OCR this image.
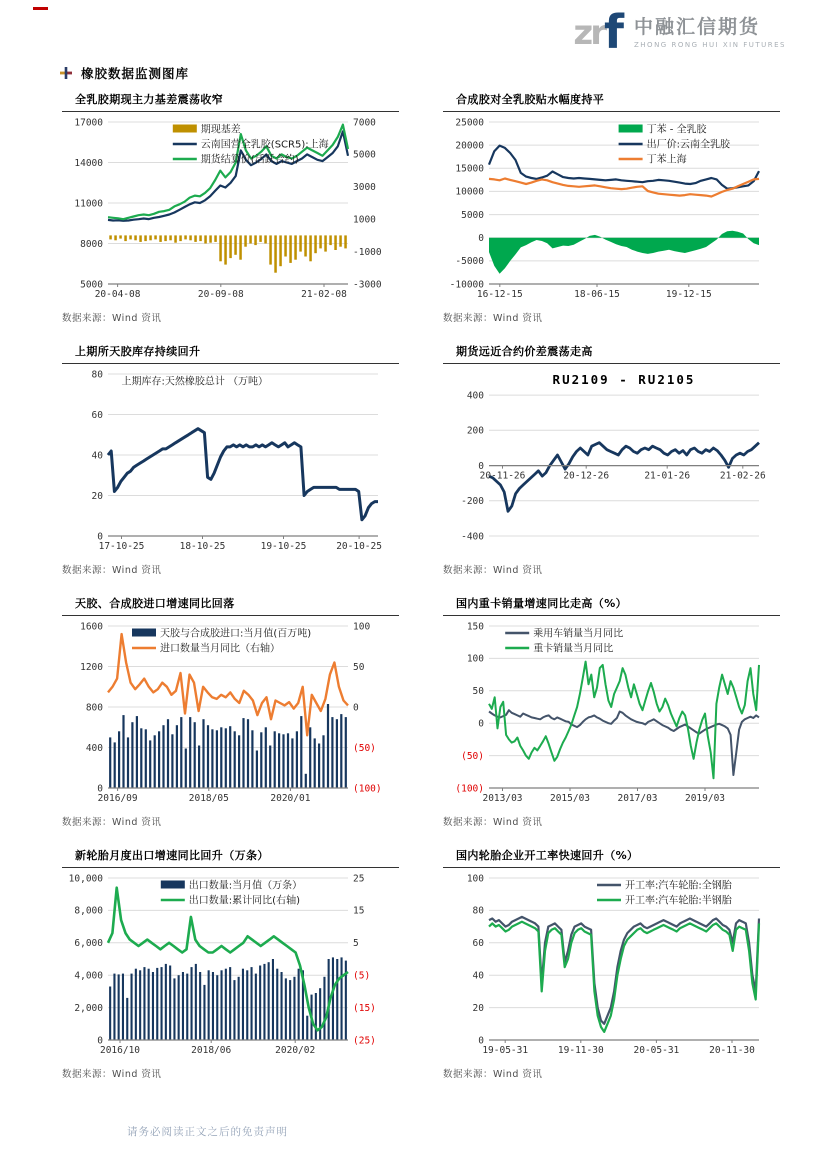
zr f 中融汇信期货
ZHONG RONG HUI XIN FUTURES
橡胶数据监测图库
全乳胶期现主力基差震荡收窄
20-04-08	20-09-08	21-02-08
17000
14000
11000
8000
5000
7000
5000
3000
1000
-1000
-3000
期现基差
云南国营全乳胶(SCR5):上海
期货结算价(活跃合约)
数据来源：Wind 资讯
合成胶对全乳胶贴水幅度持平
16-12-15	18-06-15	19-12-15
25000
20000
15000
10000
5000
0
-5000
-10000
丁苯 - 全乳胶
出厂价:云南全乳胶
丁苯上海
数据来源：Wind 资讯
上期所天胶库存持续回升
17-10-25	18-10-25	19-10-25	20-10-25
80
60
40
20
0
上期库存:天然橡胶总计 （万吨）
数据来源：Wind 资讯
期货远近合约价差震荡走高
20-11-26	20-12-26	21-01-26	21-02-26
400
200
0
-200
-400
RU2109 - RU2105
数据来源：Wind 资讯
天胶、合成胶进口增速同比回落
2016/09	2018/05	2020/01
1600
1200
800
400
0
100
50
0
(50)
(100)
天胶与合成胶进口:当月值(百万吨)
进口数量当月同比（右轴）
数据来源：Wind 资讯
国内重卡销量增速同比走高（%）
2013/03	2015/03	2017/03	2019/03
150
100
50
0
(50)
(100)
乘用车销量当月同比
重卡销量当月同比
数据来源：Wind 资讯
新轮胎月度出口增速同比回升（万条）
2016/10	2018/06	2020/02
10,000
8,000
6,000
4,000
2,000
0
25
15
5
(5)
(15)
(25)
出口数量:当月值（万条）
出口数量:累计同比(右轴)
数据来源：Wind 资讯
国内轮胎企业开工率快速回升（%）
19-05-31	19-11-30	20-05-31	20-11-30
100
80
60
40
20
0
开工率:汽车轮胎:全钢胎
开工率:汽车轮胎:半钢胎
数据来源：Wind 资讯
请务必阅读正文之后的免责声明
